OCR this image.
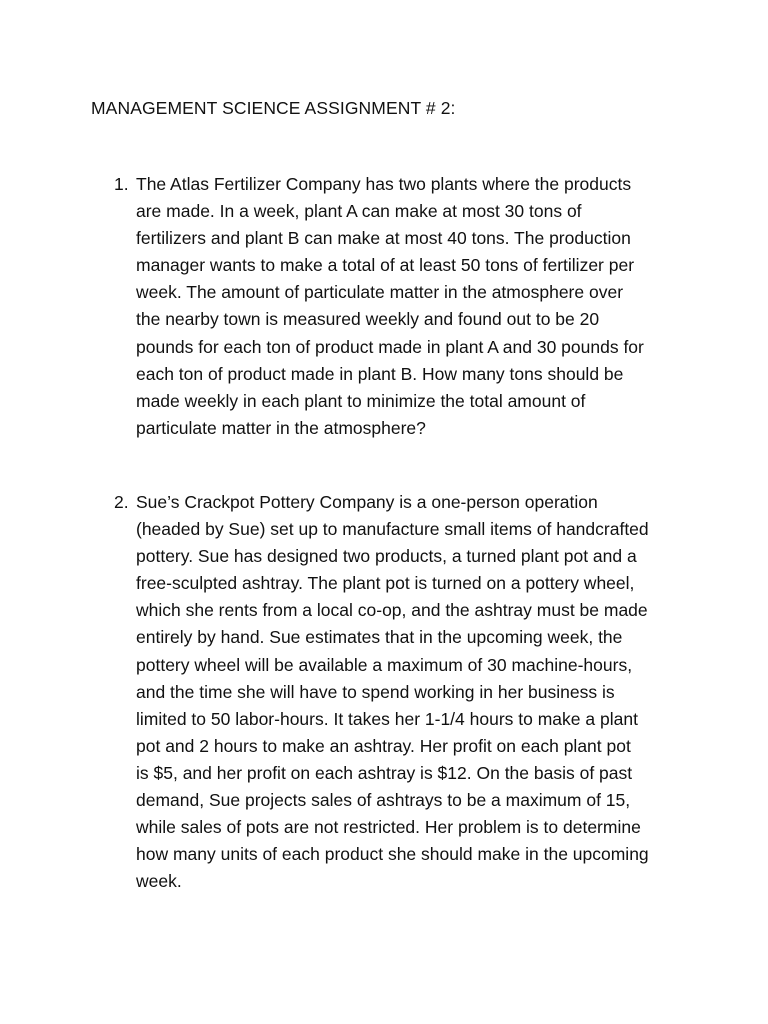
MANAGEMENT SCIENCE ASSIGNMENT # 2:
1. The Atlas Fertilizer Company has two plants where the products
are made. In a week, plant A can make at most 30 tons of
fertilizers and plant B can make at most 40 tons. The production
manager wants to make a total of at least 50 tons of fertilizer per
week. The amount of particulate matter in the atmosphere over
the nearby town is measured weekly and found out to be 20
pounds for each ton of product made in plant A and 30 pounds for
each ton of product made in plant B. How many tons should be
made weekly in each plant to minimize the total amount of
particulate matter in the atmosphere?
2. Sue’s Crackpot Pottery Company is a one-person operation
(headed by Sue) set up to manufacture small items of handcrafted
pottery. Sue has designed two products, a turned plant pot and a
free-sculpted ashtray. The plant pot is turned on a pottery wheel,
which she rents from a local co-op, and the ashtray must be made
entirely by hand. Sue estimates that in the upcoming week, the
pottery wheel will be available a maximum of 30 machine-hours,
and the time she will have to spend working in her business is
limited to 50 labor-hours. It takes her 1-1/4 hours to make a plant
pot and 2 hours to make an ashtray. Her profit on each plant pot
is $5, and her profit on each ashtray is $12. On the basis of past
demand, Sue projects sales of ashtrays to be a maximum of 15,
while sales of pots are not restricted. Her problem is to determine
how many units of each product she should make in the upcoming
week.
